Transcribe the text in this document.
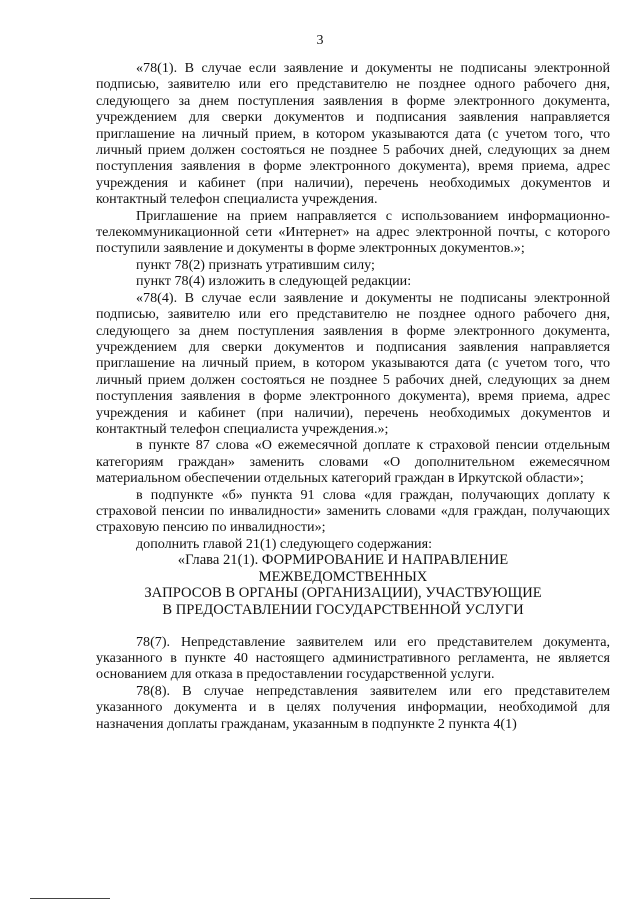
3

«78(1). В случае если заявление и документы не подписаны электронной подписью, заявителю или его представителю не позднее одного рабочего дня, следующего за днем поступления заявления в форме электронного документа, учреждением для сверки документов и подписания заявления направляется приглашение на личный прием, в котором указываются дата (с учетом того, что личный прием должен состояться не позднее 5 рабочих дней, следующих за днем поступления заявления в форме электронного документа), время приема, адрес учреждения и кабинет (при наличии), перечень необходимых документов и контактный телефон специалиста учреждения.

Приглашение на прием направляется с использованием информационно-телекоммуникационной сети «Интернет» на адрес электронной почты, с которого поступили заявление и документы в форме электронных документов.»;

пункт 78(2) признать утратившим силу;

пункт 78(4) изложить в следующей редакции:

«78(4). В случае если заявление и документы не подписаны электронной подписью, заявителю или его представителю не позднее одного рабочего дня, следующего за днем поступления заявления в форме электронного документа, учреждением для сверки документов и подписания заявления направляется приглашение на личный прием, в котором указываются дата (с учетом того, что личный прием должен состояться не позднее 5 рабочих дней, следующих за днем поступления заявления в форме электронного документа), время приема, адрес учреждения и кабинет (при наличии), перечень необходимых документов и контактный телефон специалиста учреждения.»;

в пункте 87 слова «О ежемесячной доплате к страховой пенсии отдельным категориям граждан» заменить словами «О дополнительном ежемесячном материальном обеспечении отдельных категорий граждан в Иркутской области»;

в подпункте «б» пункта 91 слова «для граждан, получающих доплату к страховой пенсии по инвалидности» заменить словами «для граждан, получающих страховую пенсию по инвалидности»;

дополнить главой 21(1) следующего содержания:

«Глава 21(1). ФОРМИРОВАНИЕ И НАПРАВЛЕНИЕ
МЕЖВЕДОМСТВЕННЫХ
ЗАПРОСОВ В ОРГАНЫ (ОРГАНИЗАЦИИ), УЧАСТВУЮЩИЕ
В ПРЕДОСТАВЛЕНИИ ГОСУДАРСТВЕННОЙ УСЛУГИ

78(7). Непредставление заявителем или его представителем документа, указанного в пункте 40 настоящего административного регламента, не является основанием для отказа в предоставлении государственной услуги.

78(8). В случае непредставления заявителем или его представителем указанного документа и в целях получения информации, необходимой для назначения доплаты гражданам, указанным в подпункте 2 пункта 4(1)
